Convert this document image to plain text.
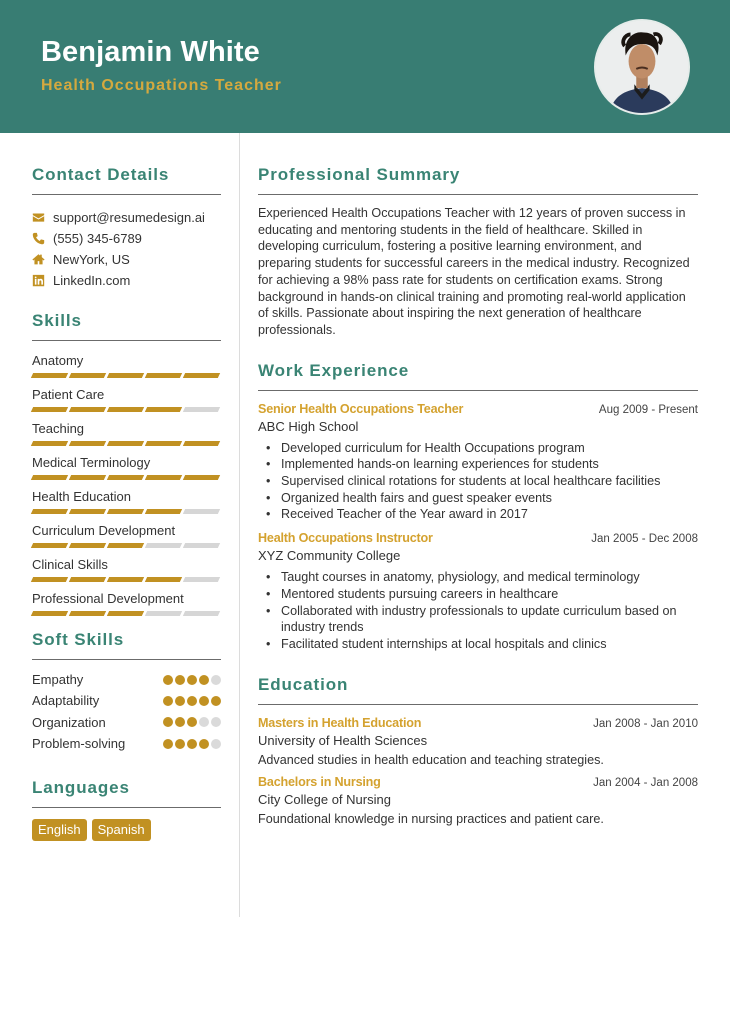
Benjamin White
Health Occupations Teacher
Contact Details
support@resumedesign.ai
(555) 345-6789
NewYork, US
LinkedIn.com
Skills
Anatomy
Patient Care
Teaching
Medical Terminology
Health Education
Curriculum Development
Clinical Skills
Professional Development
Soft Skills
Empathy
Adaptability
Organization
Problem-solving
Languages
English	Spanish
Professional Summary

Experienced Health Occupations Teacher with 12 years of proven success in educating and mentoring students in the field of healthcare. Skilled in developing curriculum, fostering a positive learning environment, and preparing students for successful careers in the medical industry. Recognized for achieving a 98% pass rate for students on certification exams. Strong background in hands-on clinical training and promoting real-world application of skills. Passionate about inspiring the next generation of healthcare professionals.

Work Experience
Senior Health Occupations Teacher	Aug 2009 - Present
ABC High School
• Developed curriculum for Health Occupations program
• Implemented hands-on learning experiences for students
• Supervised clinical rotations for students at local healthcare facilities
• Organized health fairs and guest speaker events
• Received Teacher of the Year award in 2017
Health Occupations Instructor	Jan 2005 - Dec 2008
XYZ Community College
• Taught courses in anatomy, physiology, and medical terminology
• Mentored students pursuing careers in healthcare
• Collaborated with industry professionals to update curriculum based on industry trends
• Facilitated student internships at local hospitals and clinics
Education
Masters in Health Education	Jan 2008 - Jan 2010
University of Health Sciences
Advanced studies in health education and teaching strategies.
Bachelors in Nursing	Jan 2004 - Jan 2008
City College of Nursing
Foundational knowledge in nursing practices and patient care.
